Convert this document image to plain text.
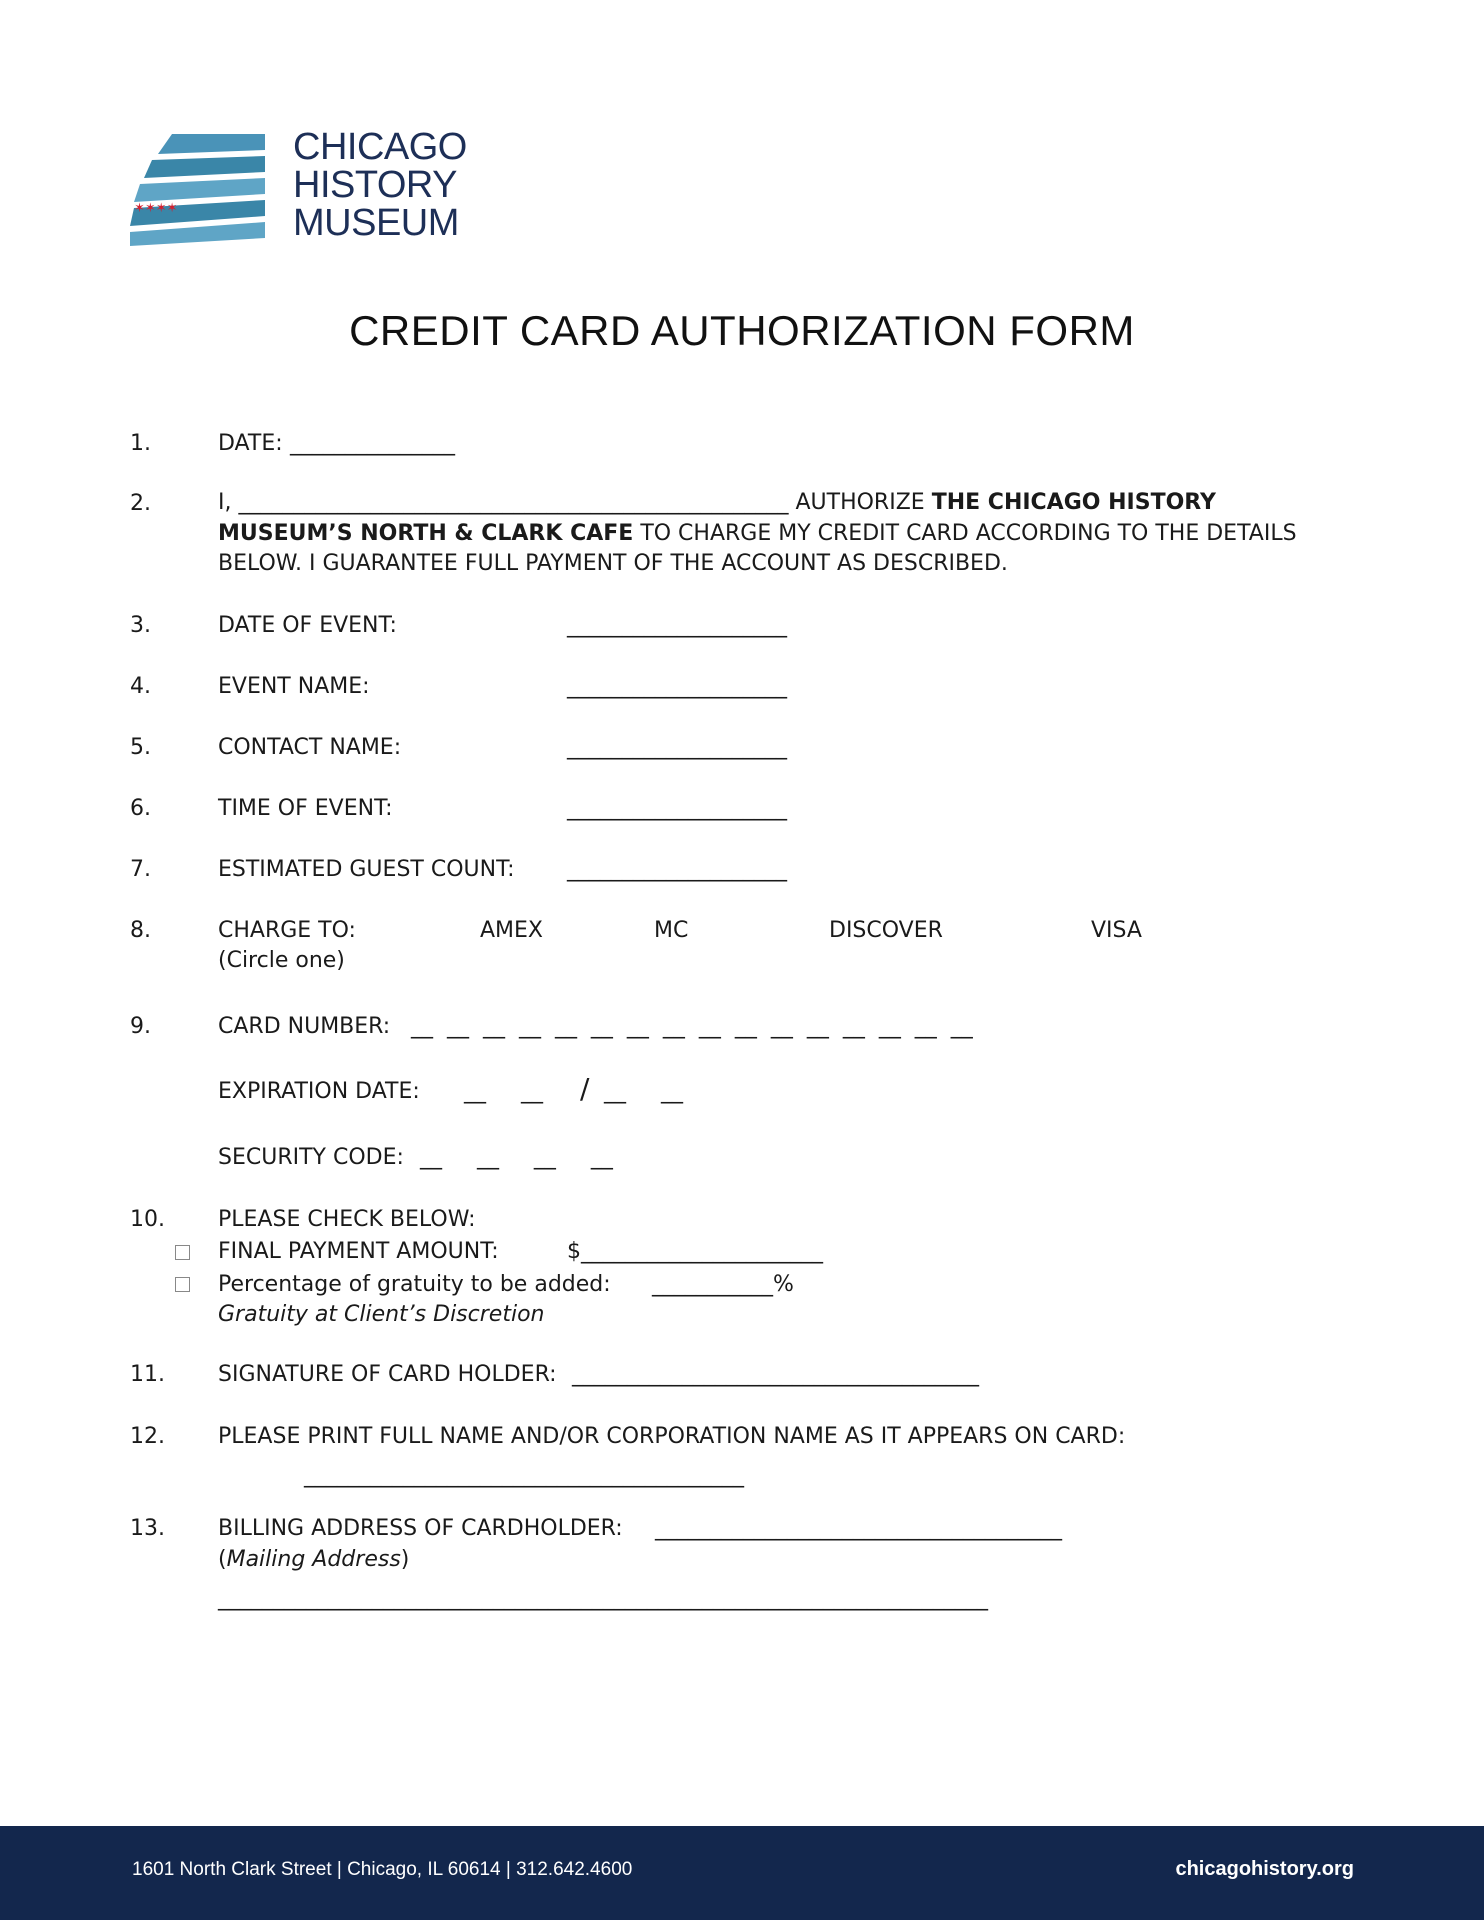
✶✶✶✶
CHICAGO
HISTORY
MUSEUM
CREDIT CARD AUTHORIZATION FORM
1.	DATE: _______________
2.	I, __________________________________________________ AUTHORIZE THE CHICAGO HISTORY MUSEUM’S NORTH & CLARK CAFE TO CHARGE MY CREDIT CARD ACCORDING TO THE DETAILS BELOW. I GUARANTEE FULL PAYMENT OF THE ACCOUNT AS DESCRIBED.
3.	DATE OF EVENT:	____________________
4.	EVENT NAME:	____________________
5.	CONTACT NAME:	____________________
6.	TIME OF EVENT:	____________________
7.	ESTIMATED GUEST COUNT: ____________________
8.	CHARGE TO:	AMEX	MC	DISCOVER	VISA
(Circle one)
9.	CARD NUMBER: __  __  __  __  __  __  __  __  __  __  __  __  __  __  __  __
EXPIRATION DATE: __     __ / __     __
SECURITY CODE: __     __     __     __
10. PLEASE CHECK BELOW:
FINAL PAYMENT AMOUNT:	$______________________
Percentage of gratuity to be added: ___________%
Gratuity at Client’s Discretion
11. SIGNATURE OF CARD HOLDER: _____________________________________
12. PLEASE PRINT FULL NAME AND/OR CORPORATION NAME AS IT APPEARS ON CARD:
________________________________________
13. BILLING ADDRESS OF CARDHOLDER: _____________________________________
(Mailing Address)
______________________________________________________________________
1601 North Clark Street | Chicago, IL 60614 | 312.642.4600	chicagohistory.org
